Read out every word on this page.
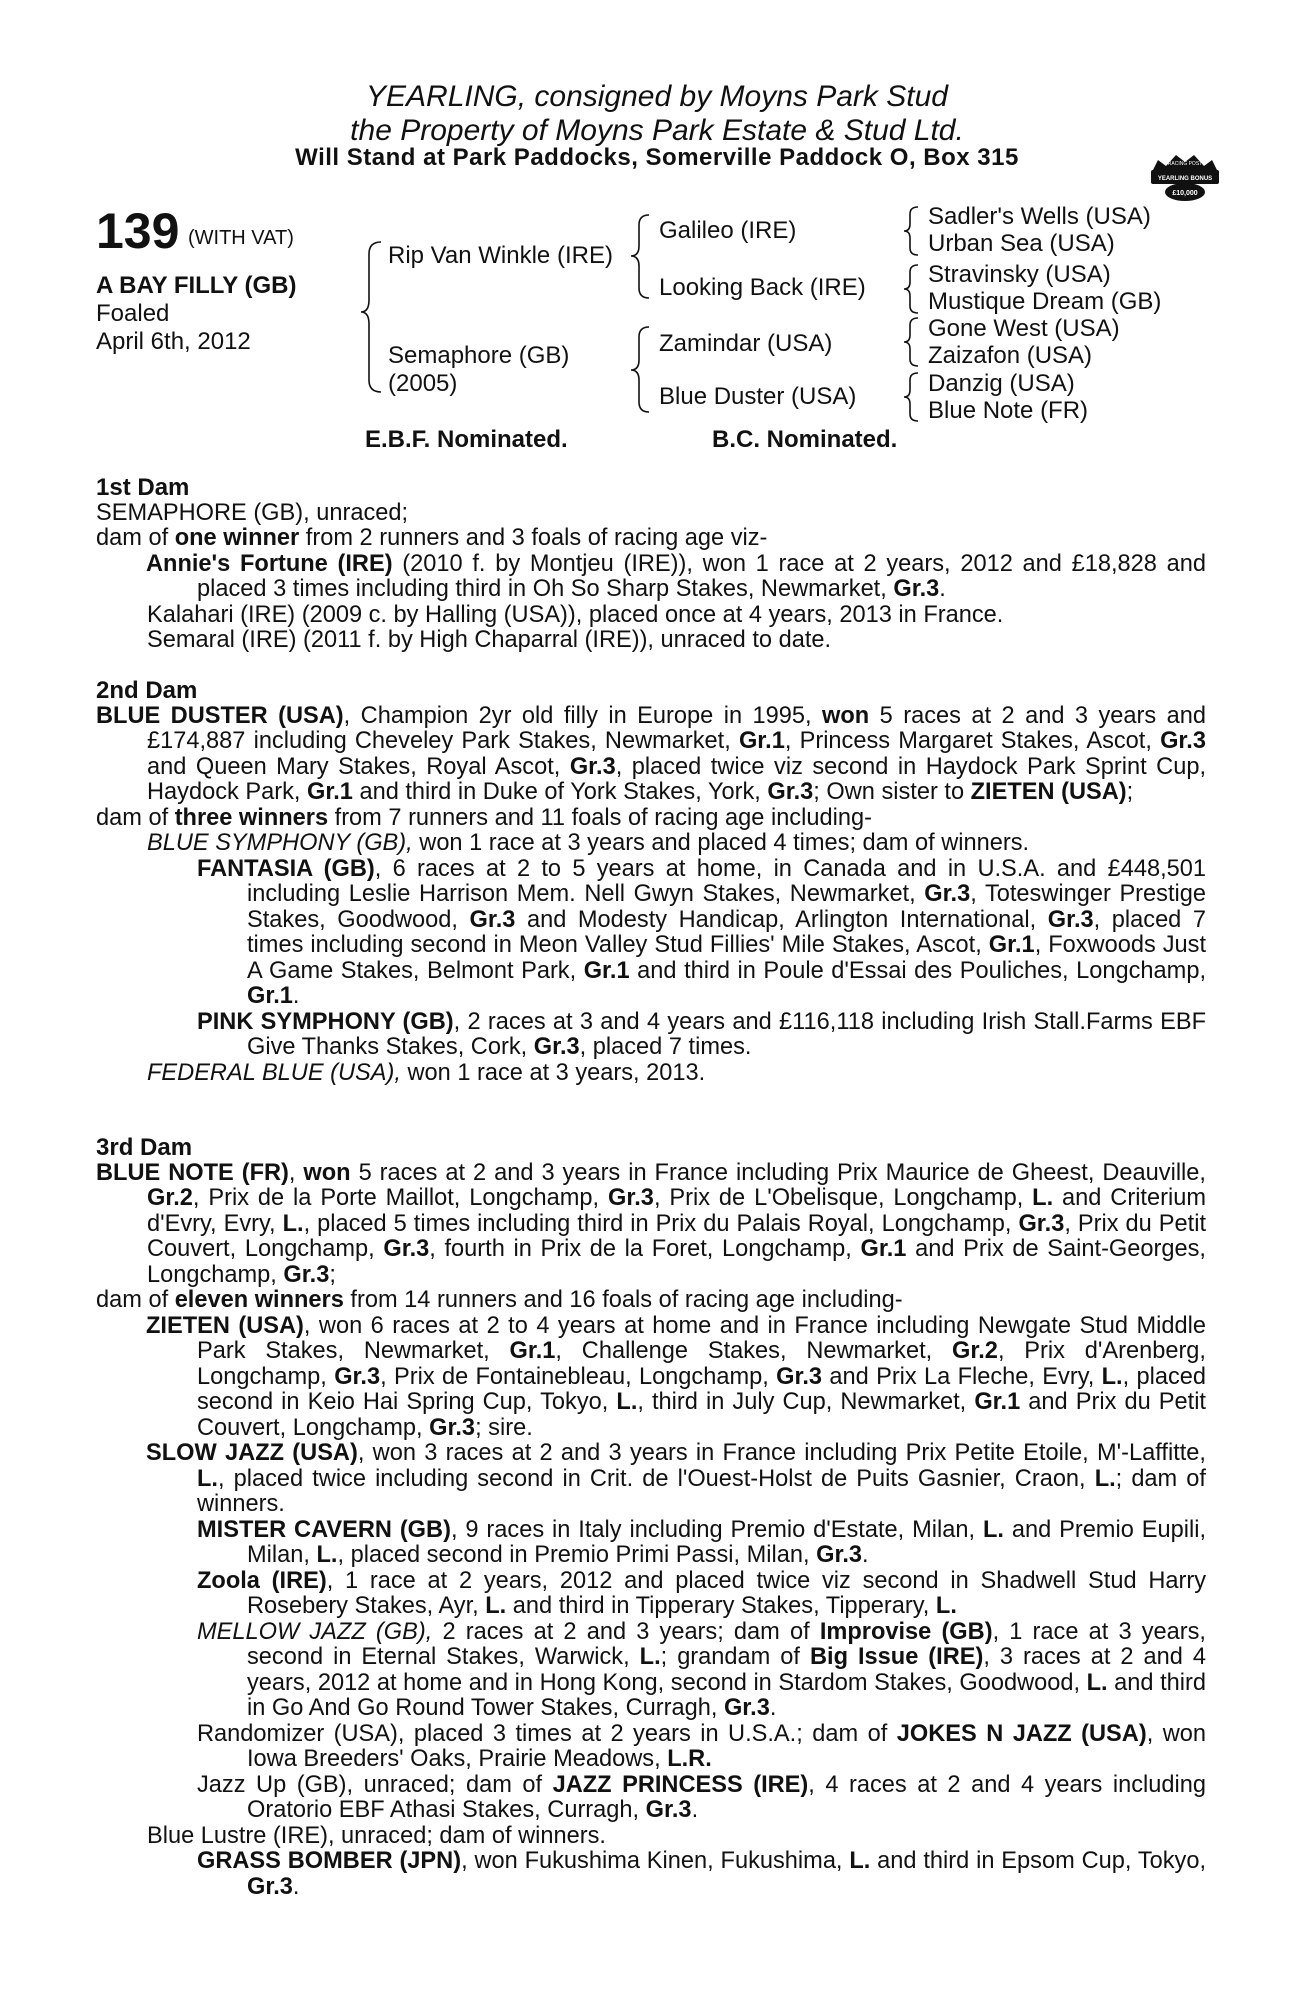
YEARLING, consigned by Moyns Park Stud
the Property of Moyns Park Estate & Stud Ltd.
Will Stand at Park Paddocks, Somerville Paddock O, Box 315	RACING POST
YEARLING BONUS
£10,000
139 (WITH VAT)
A BAY FILLY (GB)
Foaled
April 6th, 2012
Rip Van Winkle (IRE)
Semaphore (GB)
(2005)
Galileo (IRE)
Looking Back (IRE)
Zamindar (USA)
Blue Duster (USA)
Sadler's Wells (USA)
Urban Sea (USA)
Stravinsky (USA)
Mustique Dream (GB)
Gone West (USA)
Zaizafon (USA)
Danzig (USA)
Blue Note (FR)
E.B.F. Nominated.	B.C. Nominated.

1st Dam

SEMAPHORE (GB), unraced;

dam of one winner from 2 runners and 3 foals of racing age viz-

Annie's Fortune (IRE) (2010 f. by Montjeu (IRE)), won 1 race at 2 years, 2012 and £18,828 and placed 3 times including third in Oh So Sharp Stakes, Newmarket, Gr.3.

Kalahari (IRE) (2009 c. by Halling (USA)), placed once at 4 years, 2013 in France.

Semaral (IRE) (2011 f. by High Chaparral (IRE)), unraced to date.

2nd Dam

BLUE DUSTER (USA), Champion 2yr old filly in Europe in 1995, won 5 races at 2 and 3 years and £174,887 including Cheveley Park Stakes, Newmarket, Gr.1, Princess Margaret Stakes, Ascot, Gr.3 and Queen Mary Stakes, Royal Ascot, Gr.3, placed twice viz second in Haydock Park Sprint Cup, Haydock Park, Gr.1 and third in Duke of York Stakes, York, Gr.3; Own sister to ZIETEN (USA);

dam of three winners from 7 runners and 11 foals of racing age including-

BLUE SYMPHONY (GB), won 1 race at 3 years and placed 4 times; dam of winners.

FANTASIA (GB), 6 races at 2 to 5 years at home, in Canada and in U.S.A. and £448,501 including Leslie Harrison Mem. Nell Gwyn Stakes, Newmarket, Gr.3, Toteswinger Prestige Stakes, Goodwood, Gr.3 and Modesty Handicap, Arlington International, Gr.3, placed 7 times including second in Meon Valley Stud Fillies' Mile Stakes, Ascot, Gr.1, Foxwoods Just A Game Stakes, Belmont Park, Gr.1 and third in Poule d'Essai des Pouliches, Longchamp, Gr.1.

PINK SYMPHONY (GB), 2 races at 3 and 4 years and £116,118 including Irish Stall.Farms EBF Give Thanks Stakes, Cork, Gr.3, placed 7 times.

FEDERAL BLUE (USA), won 1 race at 3 years, 2013.

3rd Dam

BLUE NOTE (FR), won 5 races at 2 and 3 years in France including Prix Maurice de Gheest, Deauville, Gr.2, Prix de la Porte Maillot, Longchamp, Gr.3, Prix de L'Obelisque, Longchamp, L. and Criterium d'Evry, Evry, L., placed 5 times including third in Prix du Palais Royal, Longchamp, Gr.3, Prix du Petit Couvert, Longchamp, Gr.3, fourth in Prix de la Foret, Longchamp, Gr.1 and Prix de Saint-Georges, Longchamp, Gr.3;

dam of eleven winners from 14 runners and 16 foals of racing age including-

ZIETEN (USA), won 6 races at 2 to 4 years at home and in France including Newgate Stud Middle Park Stakes, Newmarket, Gr.1, Challenge Stakes, Newmarket, Gr.2, Prix d'Arenberg, Longchamp, Gr.3, Prix de Fontainebleau, Longchamp, Gr.3 and Prix La Fleche, Evry, L., placed second in Keio Hai Spring Cup, Tokyo, L., third in July Cup, Newmarket, Gr.1 and Prix du Petit Couvert, Longchamp, Gr.3; sire.

SLOW JAZZ (USA), won 3 races at 2 and 3 years in France including Prix Petite Etoile, M'-Laffitte, L., placed twice including second in Crit. de l'Ouest-Holst de Puits Gasnier, Craon, L.; dam of winners.

MISTER CAVERN (GB), 9 races in Italy including Premio d'Estate, Milan, L. and Premio Eupili, Milan, L., placed second in Premio Primi Passi, Milan, Gr.3.

Zoola (IRE), 1 race at 2 years, 2012 and placed twice viz second in Shadwell Stud Harry Rosebery Stakes, Ayr, L. and third in Tipperary Stakes, Tipperary, L.

MELLOW JAZZ (GB), 2 races at 2 and 3 years; dam of Improvise (GB), 1 race at 3 years, second in Eternal Stakes, Warwick, L.; grandam of Big Issue (IRE), 3 races at 2 and 4 years, 2012 at home and in Hong Kong, second in Stardom Stakes, Goodwood, L. and third in Go And Go Round Tower Stakes, Curragh, Gr.3.

Randomizer (USA), placed 3 times at 2 years in U.S.A.; dam of JOKES N JAZZ (USA), won Iowa Breeders' Oaks, Prairie Meadows, L.R.

Jazz Up (GB), unraced; dam of JAZZ PRINCESS (IRE), 4 races at 2 and 4 years including Oratorio EBF Athasi Stakes, Curragh, Gr.3.

Blue Lustre (IRE), unraced; dam of winners.

GRASS BOMBER (JPN), won Fukushima Kinen, Fukushima, L. and third in Epsom Cup, Tokyo, Gr.3.
